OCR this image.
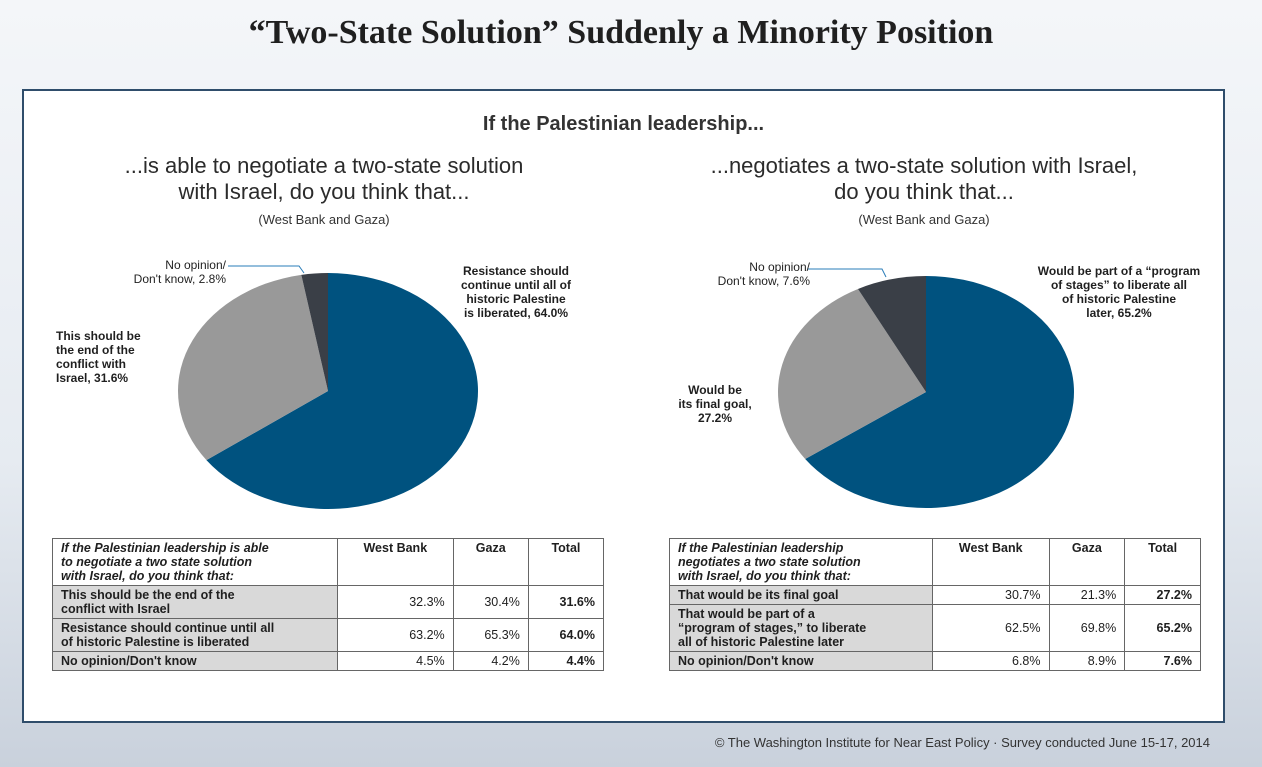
“Two-State Solution” Suddenly a Minority Position
If the Palestinian leadership...
...is able to negotiate a two-state solution
with Israel, do you think that...
(West Bank and Gaza)
...negotiates a two-state solution with Israel,
do you think that...
(West Bank and Gaza)
Resistance should
continue until all of
historic Palestine
is liberated, 64.0%
This should be
the end of the
conflict with
Israel, 31.6%
No opinion/
Don't know, 2.8%
Would be part of a “program
of stages” to liberate all
of historic Palestine
later, 65.2%
Would be
its final goal,
27.2%
No opinion/
Don't know, 7.6%
If the Palestinian leadership is able
to negotiate a two state solution
with Israel, do you think that:	West Bank	Gaza	Total
This should be the end of the
conflict with Israel	32.3%	30.4%	31.6%
Resistance should continue until all
of historic Palestine is liberated	63.2%	65.3%	64.0%
No opinion/Don't know	4.5%	4.2%	4.4%
If the Palestinian leadership
negotiates a two state solution
with Israel, do you think that:	West Bank	Gaza	Total
That would be its final goal	30.7%	21.3%	27.2%
That would be part of a
“program of stages,” to liberate
all of historic Palestine later	62.5%	69.8%	65.2%
No opinion/Don't know	6.8%	8.9%	7.6%
© The Washington Institute for Near East Policy · Survey conducted June 15-17, 2014
